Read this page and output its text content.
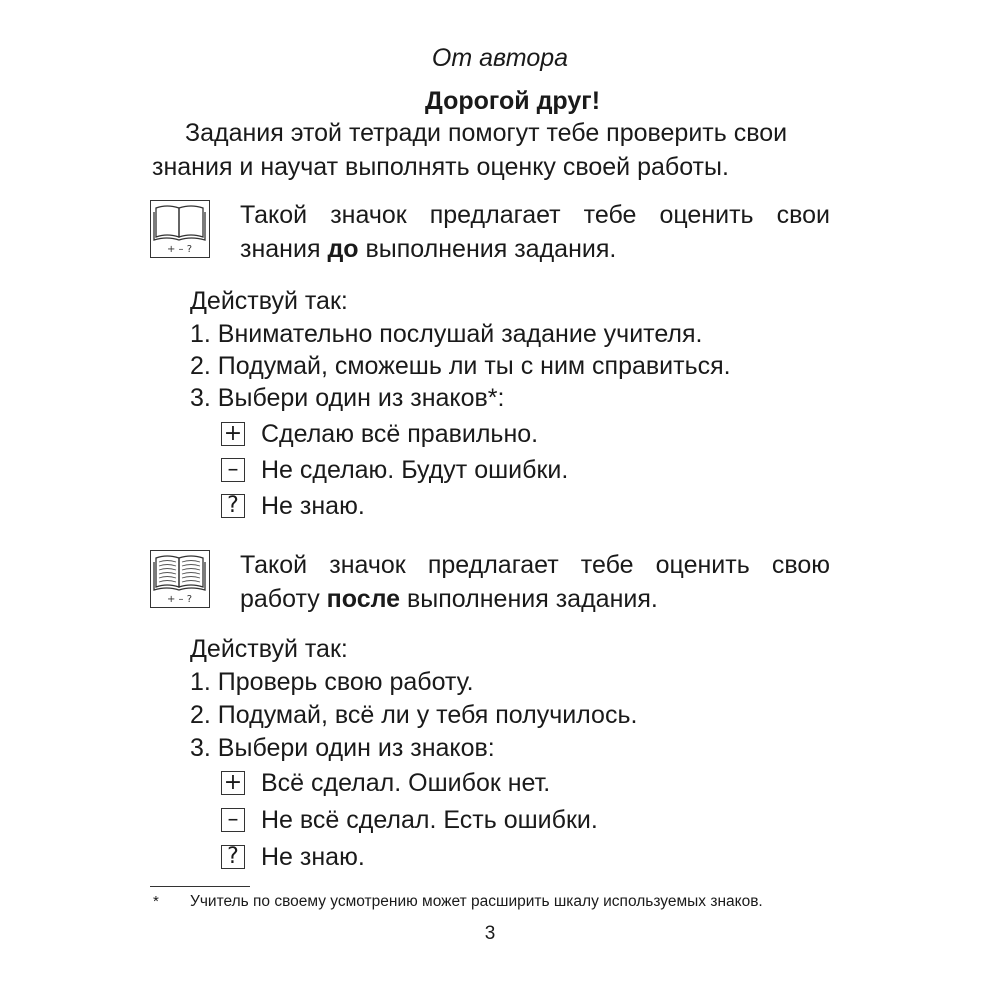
От автора
Дорогой друг!
Задания этой тетради помогут тебе проверить свои
знания и научат выполнять оценку своей работы.
+ – ?
Такой значок предлагает тебе оценить свои
знания до выполнения задания.
Действуй так:
1. Внимательно послушай задание учителя.
2. Подумай, сможешь ли ты с ним справиться.
3. Выбери один из знаков*:
+ Сделаю всё правильно.
– Не сделаю. Будут ошибки.
? Не знаю.
+ – ?
Такой значок предлагает тебе оценить свою
работу после выполнения задания.
Действуй так:
1. Проверь свою работу.
2. Подумай, всё ли у тебя получилось.
3. Выбери один из знаков:
+ Всё сделал. Ошибок нет.
– Не всё сделал. Есть ошибки.
? Не знаю.
* Учитель по своему усмотрению может расширить шкалу используемых знаков.
3
